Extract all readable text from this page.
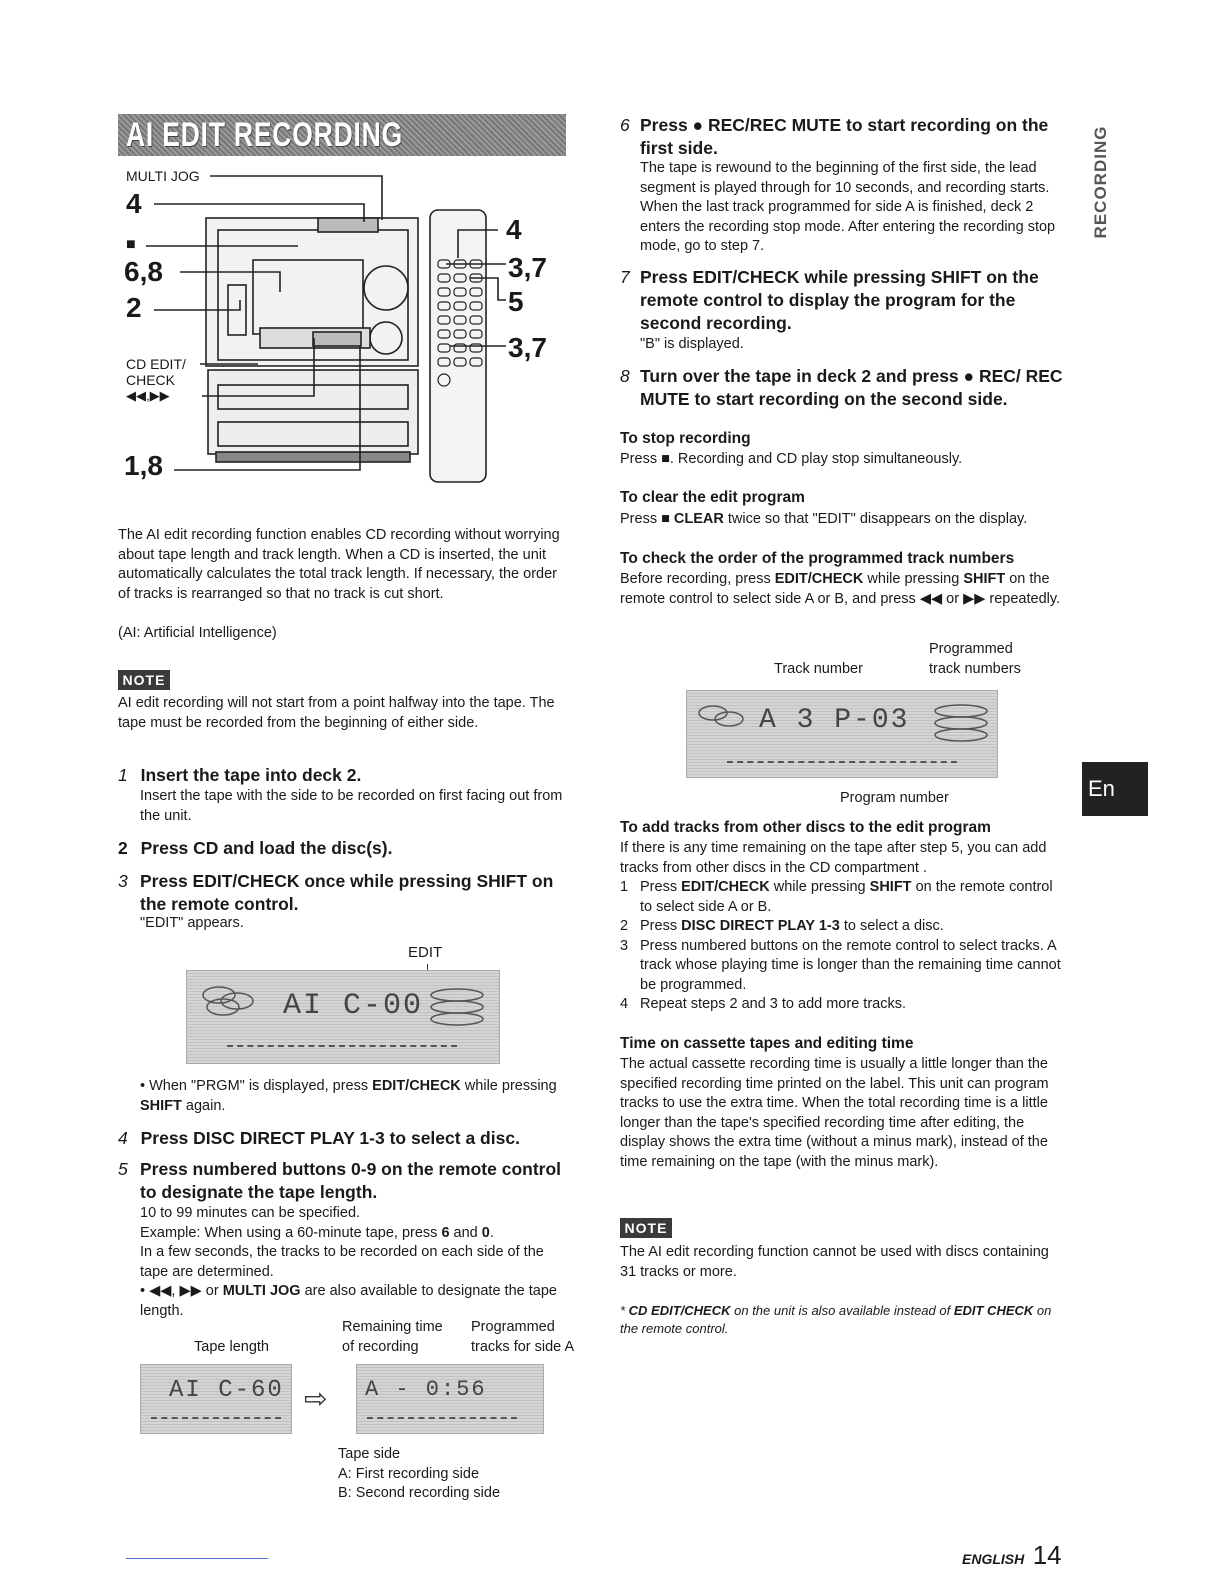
AI EDIT RECORDING
MULTI JOG
4
■
6,8
2
CD EDIT/
CHECK
◀◀,▶▶
1,8
4
3,7
5
3,7
The AI edit recording function enables CD recording without worrying about tape length and track length. When a CD is inserted, the unit automatically calculates the total track length. If necessary, the order of tracks is rearranged so that no track is cut short.
(AI: Artificial Intelligence)
NOTE
AI edit recording will not start from a point halfway into the tape. The tape must be recorded from the beginning of either side.
1 Insert the tape into deck 2.
Insert the tape with the side to be recorded on first facing out from the unit.
2 Press CD and load the disc(s).
3 Press EDIT/CHECK once while pressing SHIFT on the remote control.
"EDIT" appears.
EDIT
AI C-00
• When "PRGM" is displayed, press EDIT/CHECK while pressing SHIFT again.
4 Press DISC DIRECT PLAY 1-3 to select a disc.
5 Press numbered buttons 0-9 on the remote control to designate the tape length.
10 to 99 minutes can be specified.
Example: When using a 60-minute tape, press 6 and 0.
In a few seconds, the tracks to be recorded on each side of the tape are determined.
• ◀◀, ▶▶ or MULTI JOG are also available to designate the tape length.
Remaining time
of recording
Programmed
tracks for side A
Tape length
AI C-60 ⇨ A - 0:56
Tape side
A: First recording side
B: Second recording side
RECORDING
6 Press ● REC/REC MUTE to start recording on the first side.
The tape is rewound to the beginning of the first side, the lead segment is played through for 10 seconds, and recording starts. When the last track programmed for side A is finished, deck 2 enters the recording stop mode. After entering the recording stop mode, go to step 7.
7 Press EDIT/CHECK while pressing SHIFT on the remote control to display the program for the second recording.
"B" is displayed.
8 Turn over the tape in deck 2 and press ● REC/ REC MUTE to start recording on the second side.
To stop recording
Press ■. Recording and CD play stop simultaneously.
To clear the edit program
Press ■ CLEAR twice so that "EDIT" disappears on the display.
To check the order of the programmed track numbers
Before recording, press EDIT/CHECK while pressing SHIFT on the remote control to select side A or B, and press ◀◀ or ▶▶ repeatedly.
Programmed
Track number	track numbers
A 3 P-03
Program number	En
To add tracks from other discs to the edit program
If there is any time remaining on the tape after step 5, you can add tracks from other discs in the CD compartment .
1 Press EDIT/CHECK while pressing SHIFT on the remote control to select side A or B.
2 Press DISC DIRECT PLAY 1-3 to select a disc.
3 Press numbered buttons on the remote control to select tracks. A track whose playing time is longer than the remaining time cannot be programmed.
4 Repeat steps 2 and 3 to add more tracks.
Time on cassette tapes and editing time
The actual cassette recording time is usually a little longer than the specified recording time printed on the label. This unit can program tracks to use the extra time. When the total recording time is a little longer than the tape's specified recording time after editing, the display shows the extra time (without a minus mark), instead of the time remaining on the tape (with the minus mark).
NOTE
The AI edit recording function cannot be used with discs containing 31 tracks or more.
* CD EDIT/CHECK on the unit is also available instead of EDIT CHECK on the remote control.
ENGLISH 14
